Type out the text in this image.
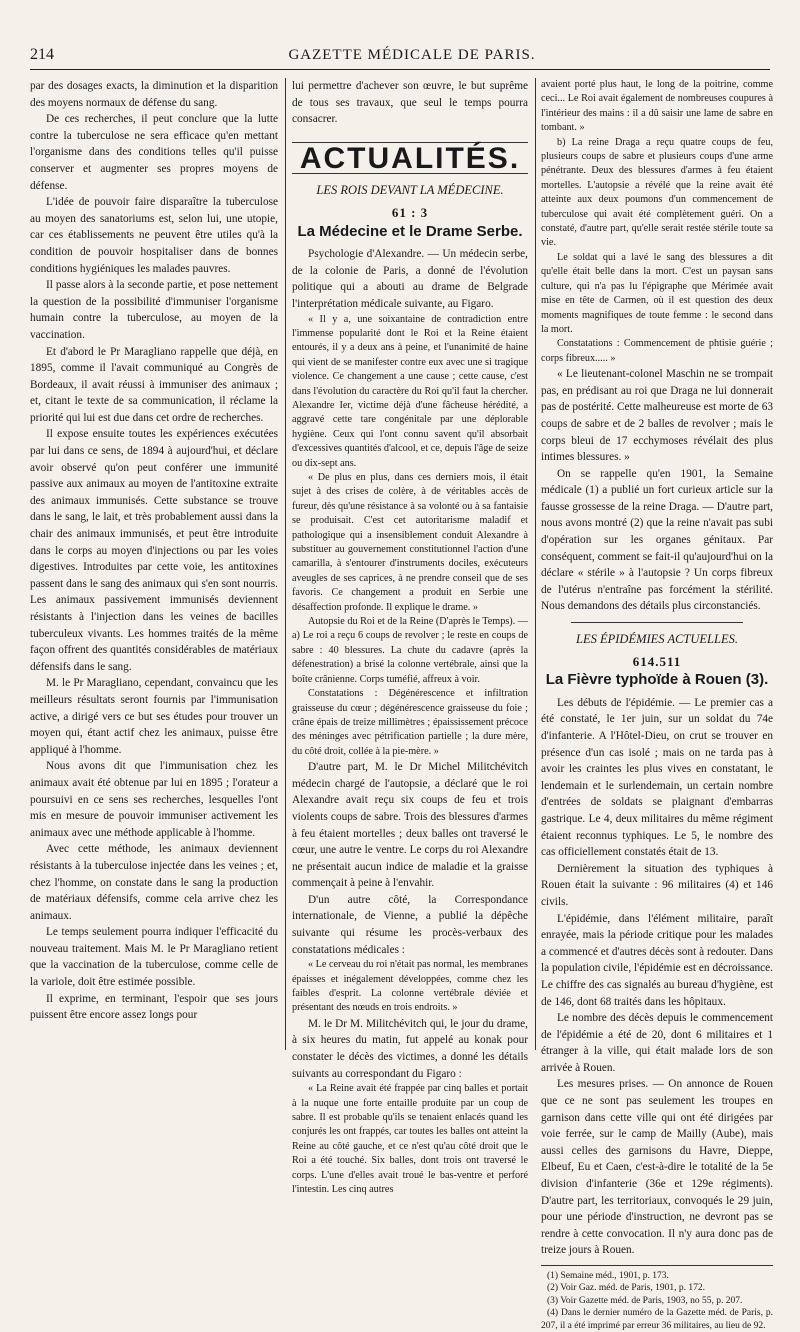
214	GAZETTE MÉDICALE DE PARIS.

par des dosages exacts, la diminution et la disparition des moyens normaux de défense du sang.

De ces recherches, il peut conclure que la lutte contre la tuberculose ne sera efficace qu'en mettant l'organisme dans des conditions telles qu'il puisse conserver et augmenter ses propres moyens de défense.

L'idée de pouvoir faire disparaître la tuberculose au moyen des sanatoriums est, selon lui, une utopie, car ces établissements ne peuvent être utiles qu'à la condition de pouvoir hospitaliser dans de bonnes conditions hygiéniques les malades pauvres.

Il passe alors à la seconde partie, et pose nettement la question de la possibilité d'immuniser l'organisme humain contre la tuberculose, au moyen de la vaccination.

Et d'abord le Pr Maragliano rappelle que déjà, en 1895, comme il l'avait communiqué au Congrès de Bordeaux, il avait réussi à immuniser des animaux ; et, citant le texte de sa communication, il réclame la priorité qui lui est due dans cet ordre de recherches.

Il expose ensuite toutes les expériences exécutées par lui dans ce sens, de 1894 à aujourd'hui, et déclare avoir observé qu'on peut conférer une immunité passive aux animaux au moyen de l'antitoxine extraite des animaux immunisés. Cette substance se trouve dans le sang, le lait, et très probablement aussi dans la chair des animaux immunisés, et peut être introduite dans le corps au moyen d'injections ou par les voies digestives. Introduites par cette voie, les antitoxines passent dans le sang des animaux qui s'en sont nourris. Les animaux passivement immunisés deviennent résistants à l'injection dans les veines de bacilles tuberculeux vivants. Les hommes traités de la même façon offrent des quantités considérables de matériaux défensifs dans le sang.

M. le Pr Maragliano, cependant, convaincu que les meilleurs résultats seront fournis par l'immunisation active, a dirigé vers ce but ses études pour trouver un moyen qui, étant actif chez les animaux, puisse être appliqué à l'homme.

Nous avons dit que l'immunisation chez les animaux avait été obtenue par lui en 1895 ; l'orateur a poursuivi en ce sens ses recherches, lesquelles l'ont mis en mesure de pouvoir immuniser activement les animaux avec une méthode applicable à l'homme.

Avec cette méthode, les animaux deviennent résistants à la tuberculose injectée dans les veines ; et, chez l'homme, on constate dans le sang la production de matériaux défensifs, comme cela arrive chez les animaux.

Le temps seulement pourra indiquer l'efficacité du nouveau traitement. Mais M. le Pr Maragliano retient que la vaccination de la tuberculose, comme celle de la variole, doit être estimée possible.

Il exprime, en terminant, l'espoir que ses jours puissent être encore assez longs pour

lui permettre d'achever son œuvre, le but suprême de tous ses travaux, que seul le temps pourra consacrer.

ACTUALITÉS.
LES ROIS DEVANT LA MÉDECINE.
61 : 3
La Médecine et le Drame Serbe.

Psychologie d'Alexandre. — Un médecin serbe, de la colonie de Paris, a donné de l'évolution politique qui a abouti au drame de Belgrade l'interprétation médicale suivante, au Figaro.

« Il y a, une soixantaine de contradiction entre l'immense popularité dont le Roi et la Reine étaient entourés, il y a deux ans à peine, et l'unanimité de haine qui vient de se manifester contre eux avec une si tragique violence. Ce changement a une cause ; cette cause, c'est dans l'évolution du caractère du Roi qu'il faut la chercher. Alexandre Ier, victime déjà d'une fâcheuse hérédité, a aggravé cette tare congénitale par une déplorable hygiène. Ceux qui l'ont connu savent qu'il absorbait d'excessives quantités d'alcool, et ce, depuis l'âge de seize ou dix-sept ans.

« De plus en plus, dans ces derniers mois, il était sujet à des crises de colère, à de véritables accès de fureur, dès qu'une résistance à sa volonté ou à sa fantaisie se produisait. C'est cet autoritarisme maladif et pathologique qui a insensiblement conduit Alexandre à substituer au gouvernement constitutionnel l'action d'une camarilla, à s'entourer d'instruments dociles, exécuteurs aveugles de ses caprices, à ne prendre conseil que de ses favoris. Ce changement a produit en Serbie une désaffection profonde. Il explique le drame. »

Autopsie du Roi et de la Reine (D'après le Temps). — a) Le roi a reçu 6 coups de revolver ; le reste en coups de sabre : 40 blessures. La chute du cadavre (après la défenestration) a brisé la colonne vertébrale, ainsi que la boîte crânienne. Corps tuméfié, affreux à voir.

Constatations : Dégénérescence et infiltration graisseuse du cœur ; dégénérescence graisseuse du foie ; crâne épais de treize millimètres ; épaississement précoce des méninges avec pétrification partielle ; la dure mère, du côté droit, collée à la pie-mère. »

D'autre part, M. le Dr Michel Militchévitch médecin chargé de l'autopsie, a déclaré que le roi Alexandre avait reçu six coups de feu et trois violents coups de sabre. Trois des blessures d'armes à feu étaient mortelles ; deux balles ont traversé le cœur, une autre le ventre. Le corps du roi Alexandre ne présentait aucun indice de maladie et la graisse commençait à peine à l'envahir.

D'un autre côté, la Correspondance internationale, de Vienne, a publié la dépêche suivante qui résume les procès-verbaux des constatations médicales :

« Le cerveau du roi n'était pas normal, les membranes épaisses et inégalement développées, comme chez les faibles d'esprit. La colonne vertébrale déviée et présentant des nœuds en trois endroits. »

M. le Dr M. Militchévitch qui, le jour du drame, à six heures du matin, fut appelé au konak pour constater le décès des victimes, a donné les détails suivants au correspondant du Figaro :

« La Reine avait été frappée par cinq balles et portait à la nuque une forte entaille produite par un coup de sabre. Il est probable qu'ils se tenaient enlacés quand les conjurés les ont frappés, car toutes les balles ont atteint la Reine au côté gauche, et ce n'est qu'au côté droit que le Roi a été touché. Six balles, dont trois ont traversé le corps. L'une d'elles avait troué le bas-ventre et perforé l'intestin. Les cinq autres

avaient porté plus haut, le long de la poitrine, comme ceci... Le Roi avait également de nombreuses coupures à l'intérieur des mains : il a dû saisir une lame de sabre en tombant. »

b) La reine Draga a reçu quatre coups de feu, plusieurs coups de sabre et plusieurs coups d'une arme pénétrante. Deux des blessures d'armes à feu étaient mortelles. L'autopsie a révélé que la reine avait été atteinte aux deux poumons d'un commencement de tuberculose qui avait été complètement guéri. On a constaté, d'autre part, qu'elle serait restée stérile toute sa vie.

Le soldat qui a lavé le sang des blessures a dit qu'elle était belle dans la mort. C'est un paysan sans culture, qui n'a pas lu l'épigraphe que Mérimée avait mise en tête de Carmen, où il est question des deux moments magnifiques de toute femme : le second dans la mort.

Constatations : Commencement de phtisie guérie ; corps fibreux..... »

« Le lieutenant-colonel Maschin ne se trompait pas, en prédisant au roi que Draga ne lui donnerait pas de postérité. Cette malheureuse est morte de 63 coups de sabre et de 2 balles de revolver ; mais le corps bleui de 17 ecchymoses révélait des plus intimes blessures. »

On se rappelle qu'en 1901, la Semaine médicale (1) a publié un fort curieux article sur la fausse grossesse de la reine Draga. — D'autre part, nous avons montré (2) que la reine n'avait pas subi d'opération sur les organes génitaux. Par conséquent, comment se fait-il qu'aujourd'hui on la déclare « stérile » à l'autopsie ? Un corps fibreux de l'utérus n'entraîne pas forcément la stérilité. Nous demandons des détails plus circonstanciés.

LES ÉPIDÉMIES ACTUELLES.
614.511
La Fièvre typhoïde à Rouen (3).

Les débuts de l'épidémie. — Le premier cas a été constaté, le 1er juin, sur un soldat du 74e d'infanterie. A l'Hôtel-Dieu, on crut se trouver en présence d'un cas isolé ; mais on ne tarda pas à avoir les craintes les plus vives en constatant, le lendemain et le surlendemain, un certain nombre d'entrées de soldats se plaignant d'embarras gastrique. Le 4, deux militaires du même régiment étaient reconnus typhiques. Le 5, le nombre des cas officiellement constatés était de 13.

Dernièrement la situation des typhiques à Rouen était la suivante : 96 militaires (4) et 146 civils.

L'épidémie, dans l'élément militaire, paraît enrayée, mais la période critique pour les malades a commencé et d'autres décès sont à redouter. Dans la population civile, l'épidémie est en décroissance. Le chiffre des cas signalés au bureau d'hygiène, est de 146, dont 68 traités dans les hôpitaux.

Le nombre des décès depuis le commencement de l'épidémie a été de 20, dont 6 militaires et 1 étranger à la ville, qui était malade lors de son arrivée à Rouen.

Les mesures prises. — On annonce de Rouen que ce ne sont pas seulement les troupes en garnison dans cette ville qui ont été dirigées par voie ferrée, sur le camp de Mailly (Aube), mais aussi celles des garnisons du Havre, Dieppe, Elbeuf, Eu et Caen, c'est-à-dire le totalité de la 5e division d'infanterie (36e et 129e régiments). D'autre part, les territoriaux, convoqués le 29 juin, pour une période d'instruction, ne devront pas se rendre à cette convocation. Il n'y aura donc pas de treize jours à Rouen.

(1) Semaine méd., 1901, p. 173.
(2) Voir Gaz. méd. de Paris, 1901, p. 172.
(3) Voir Gazette méd. de Paris, 1903, no 55, p. 207.
(4) Dans le dernier numéro de la Gazette méd. de Paris, p. 207, il a été imprimé par erreur 36 militaires, au lieu de 92.
